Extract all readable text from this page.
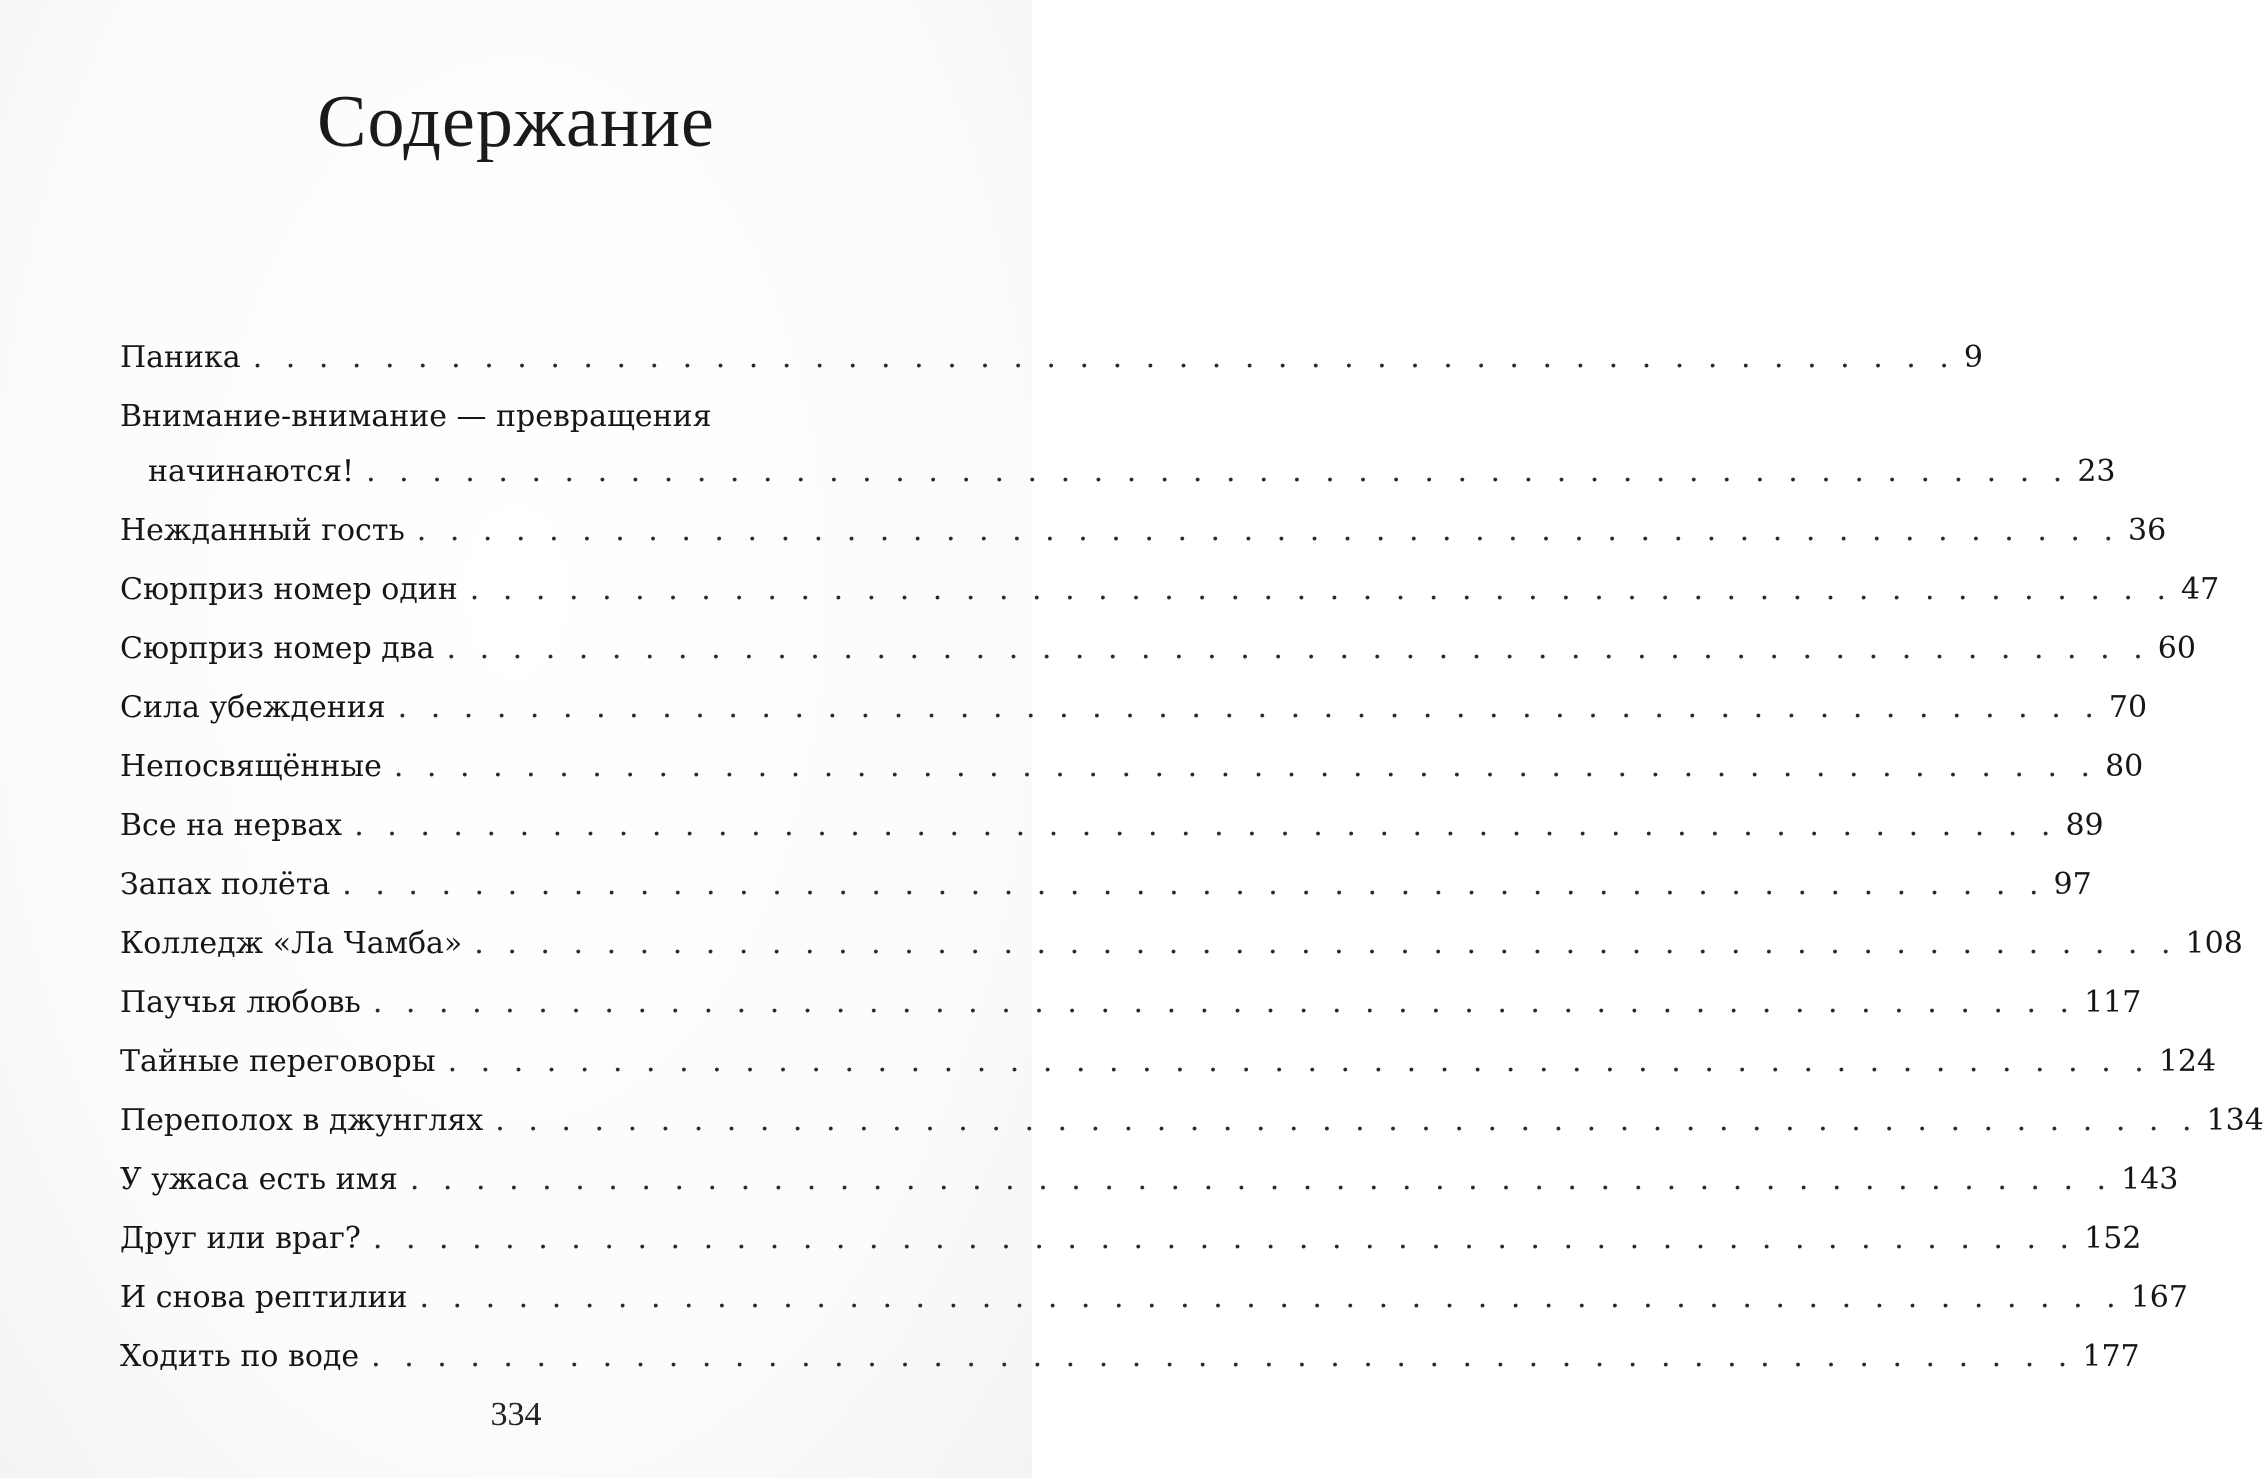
Содержание
Паника . . . . . . . . . . . . . . . . . . . . . . . . . . . . . . . . . . . . . . . . . . . . . . . . . . . . 9
Внимание-внимание — превращения
начинаются! . . . . . . . . . . . . . . . . . . . . . . . . . . . . . . . . . . . . . . . . . . . . . . . . . . . . 23
Нежданный гость . . . . . . . . . . . . . . . . . . . . . . . . . . . . . . . . . . . . . . . . . . . . . . . . . . . . 36
Сюрприз номер один . . . . . . . . . . . . . . . . . . . . . . . . . . . . . . . . . . . . . . . . . . . . . . . . . . . . 47
Сюрприз номер два . . . . . . . . . . . . . . . . . . . . . . . . . . . . . . . . . . . . . . . . . . . . . . . . . . . . 60
Сила убеждения . . . . . . . . . . . . . . . . . . . . . . . . . . . . . . . . . . . . . . . . . . . . . . . . . . . . 70
Непосвящённые . . . . . . . . . . . . . . . . . . . . . . . . . . . . . . . . . . . . . . . . . . . . . . . . . . . . 80
Все на нервах . . . . . . . . . . . . . . . . . . . . . . . . . . . . . . . . . . . . . . . . . . . . . . . . . . . . 89
Запах полёта . . . . . . . . . . . . . . . . . . . . . . . . . . . . . . . . . . . . . . . . . . . . . . . . . . . . 97
Колледж «Ла Чамба» . . . . . . . . . . . . . . . . . . . . . . . . . . . . . . . . . . . . . . . . . . . . . . . . . . . . 108
Паучья любовь . . . . . . . . . . . . . . . . . . . . . . . . . . . . . . . . . . . . . . . . . . . . . . . . . . . . 117
Тайные переговоры . . . . . . . . . . . . . . . . . . . . . . . . . . . . . . . . . . . . . . . . . . . . . . . . . . . . 124
Переполох в джунглях . . . . . . . . . . . . . . . . . . . . . . . . . . . . . . . . . . . . . . . . . . . . . . . . . . . . 134
У ужаса есть имя . . . . . . . . . . . . . . . . . . . . . . . . . . . . . . . . . . . . . . . . . . . . . . . . . . . . 143
Друг или враг? . . . . . . . . . . . . . . . . . . . . . . . . . . . . . . . . . . . . . . . . . . . . . . . . . . . . 152
И снова рептилии . . . . . . . . . . . . . . . . . . . . . . . . . . . . . . . . . . . . . . . . . . . . . . . . . . . . 167
Ходить по воде . . . . . . . . . . . . . . . . . . . . . . . . . . . . . . . . . . . . . . . . . . . . . . . . . . . . 177
334
